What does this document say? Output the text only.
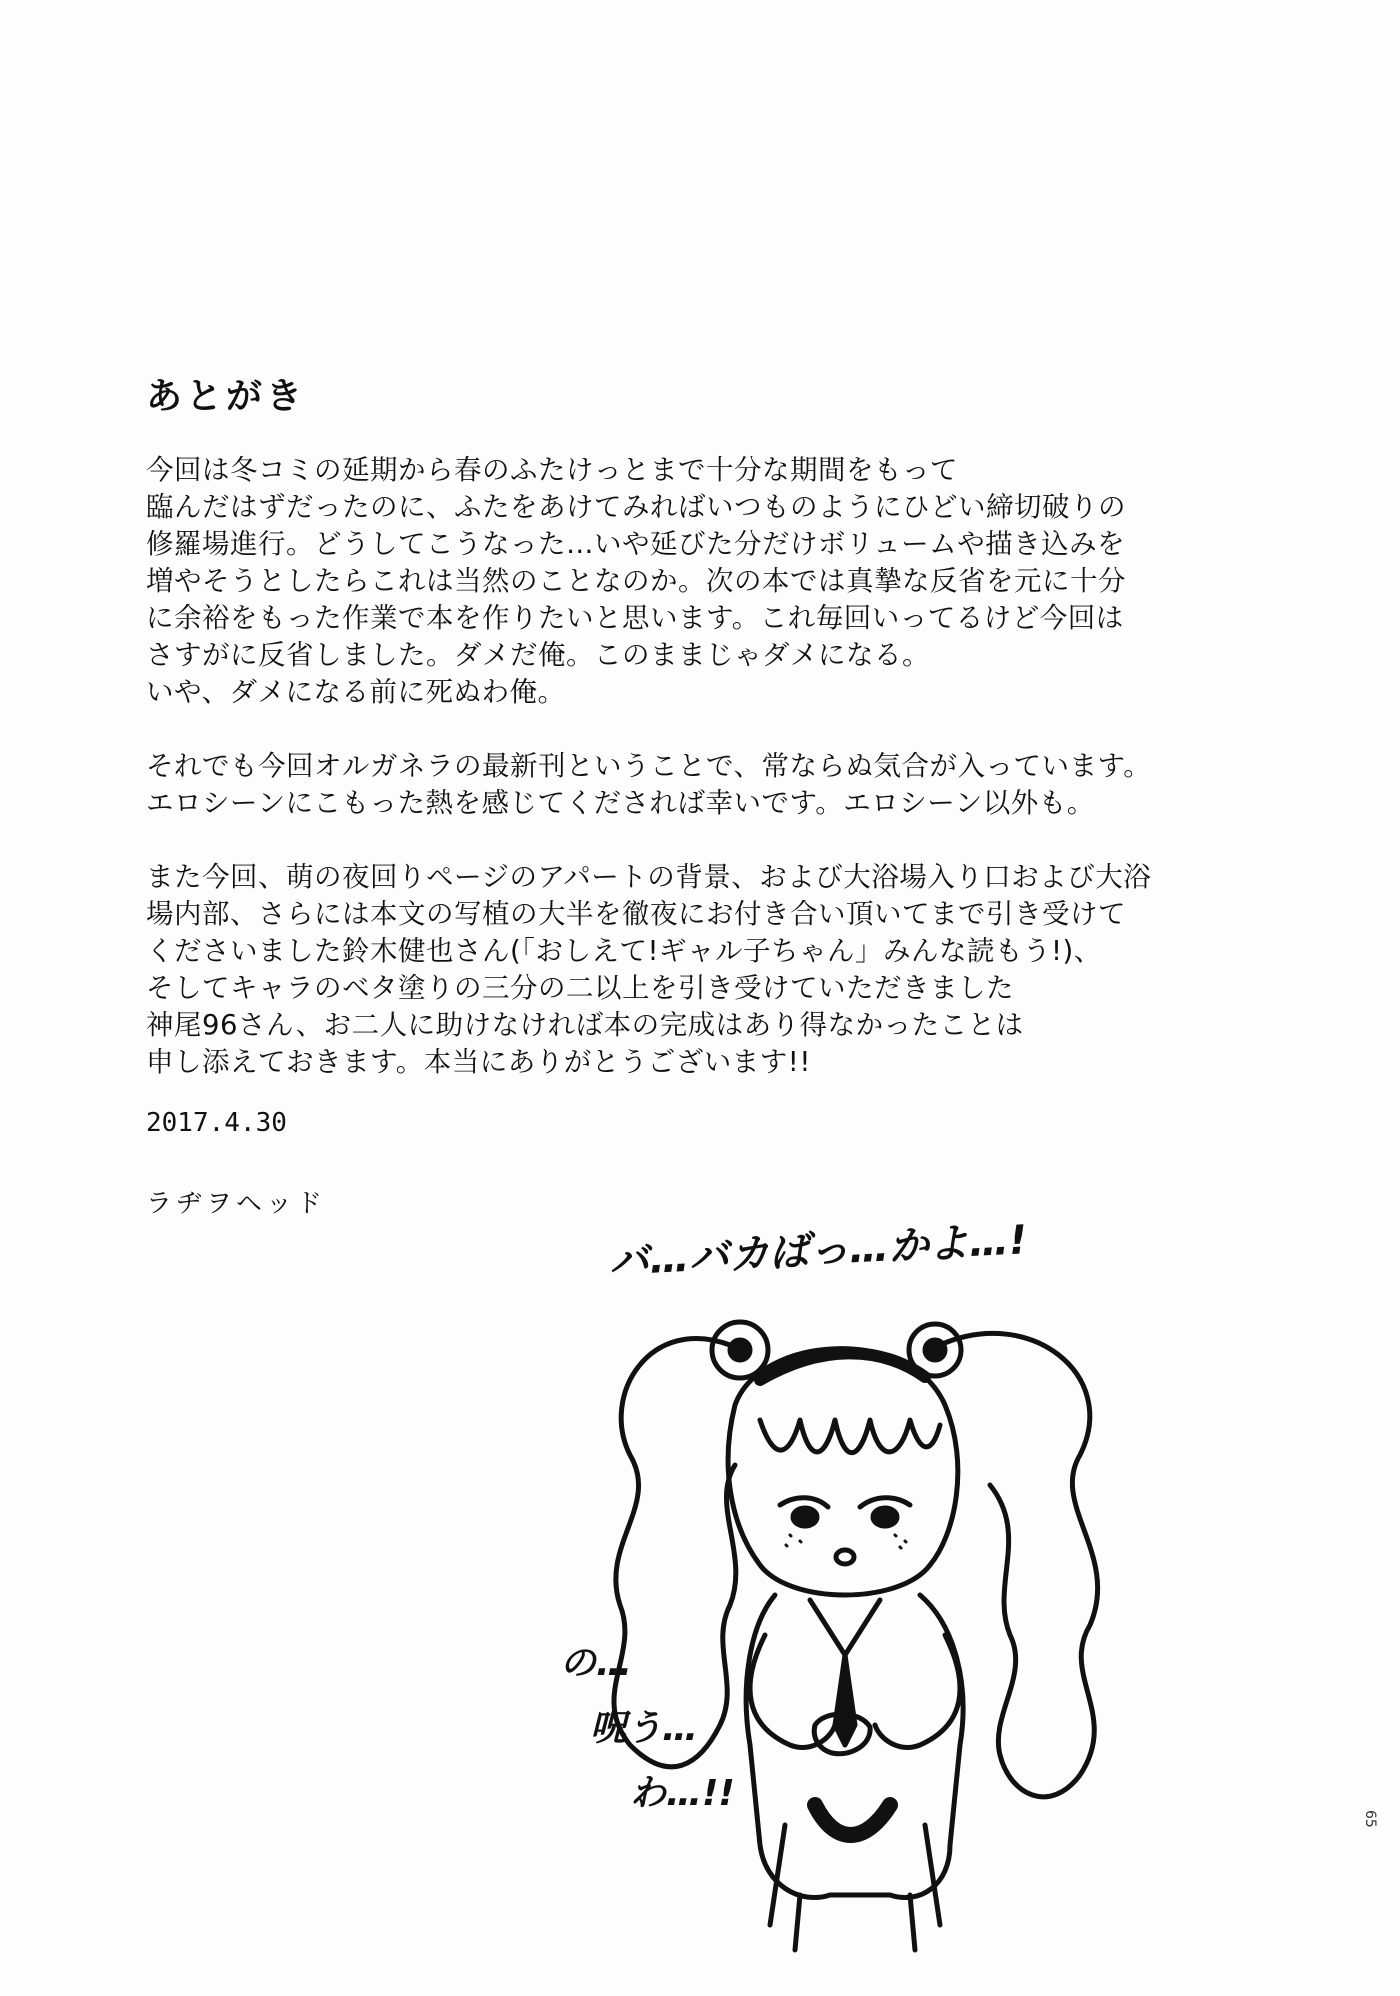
あとがき

今回は冬コミの延期から春のふたけっとまで十分な期間をもって
臨んだはずだったのに、ふたをあけてみればいつものようにひどい締切破りの
修羅場進行。どうしてこうなった…いや延びた分だけボリュームや描き込みを
増やそうとしたらこれは当然のことなのか。次の本では真摯な反省を元に十分
に余裕をもった作業で本を作りたいと思います。これ毎回いってるけど今回は
さすがに反省しました。ダメだ俺。このままじゃダメになる。
いや、ダメになる前に死ぬわ俺。

それでも今回オルガネラの最新刊ということで、常ならぬ気合が入っています。
エロシーンにこもった熱を感じてくだされば幸いです。エロシーン以外も。

また今回、萌の夜回りページのアパートの背景、および大浴場入り口および大浴
場内部、さらには本文の写植の大半を徹夜にお付き合い頂いてまで引き受けて
くださいました鈴木健也さん(「おしえて!ギャル子ちゃん」みんな読もう!)、
そしてキャラのベタ塗りの三分の二以上を引き受けていただきました
神尾96さん、お二人に助けなければ本の完成はあり得なかったことは
申し添えておきます。本当にありがとうございます!!

2017.4.30
ラヂヲヘッド
バ…バカばっ…かよ…!
の…
呪う…
わ…!!
65
